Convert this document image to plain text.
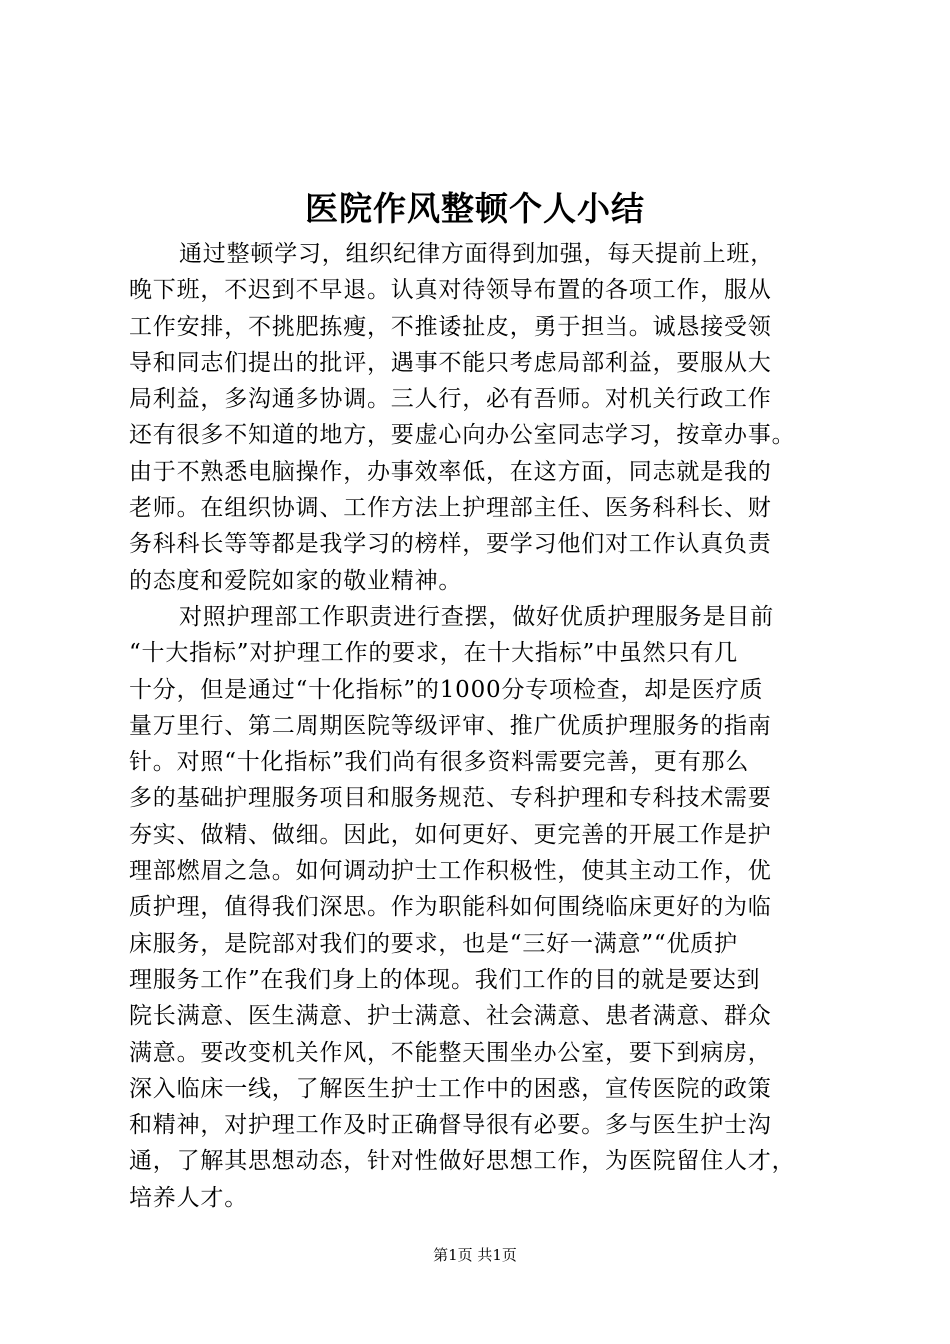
医院作风整顿个人小结
通过整顿学习，组织纪律方面得到加强，每天提前上班，
晚下班，不迟到不早退。认真对待领导布置的各项工作，服从
工作安排，不挑肥拣瘦，不推诿扯皮，勇于担当。诚恳接受领
导和同志们提出的批评，遇事不能只考虑局部利益，要服从大
局利益，多沟通多协调。三人行，必有吾师。对机关行政工作
还有很多不知道的地方，要虚心向办公室同志学习，按章办事。
由于不熟悉电脑操作，办事效率低，在这方面，同志就是我的
老师。在组织协调、工作方法上护理部主任、医务科科长、财
务科科长等等都是我学习的榜样，要学习他们对工作认真负责
的态度和爱院如家的敬业精神。
对照护理部工作职责进行查摆，做好优质护理服务是目前
“十大指标”对护理工作的要求，在十大指标”中虽然只有几
十分，但是通过“十化指标”的1000分专项检查，却是医疗质
量万里行、第二周期医院等级评审、推广优质护理服务的指南
针。对照“十化指标”我们尚有很多资料需要完善，更有那么
多的基础护理服务项目和服务规范、专科护理和专科技术需要
夯实、做精、做细。因此，如何更好、更完善的开展工作是护
理部燃眉之急。如何调动护士工作积极性，使其主动工作，优
质护理，值得我们深思。作为职能科如何围绕临床更好的为临
床服务，是院部对我们的要求，也是“三好一满意”“优质护
理服务工作”在我们身上的体现。我们工作的目的就是要达到
院长满意、医生满意、护士满意、社会满意、患者满意、群众
满意。要改变机关作风，不能整天围坐办公室，要下到病房，
深入临床一线，了解医生护士工作中的困惑，宣传医院的政策
和精神，对护理工作及时正确督导很有必要。多与医生护士沟
通，了解其思想动态，针对性做好思想工作，为医院留住人才，
培养人才。
第1页 共1页
